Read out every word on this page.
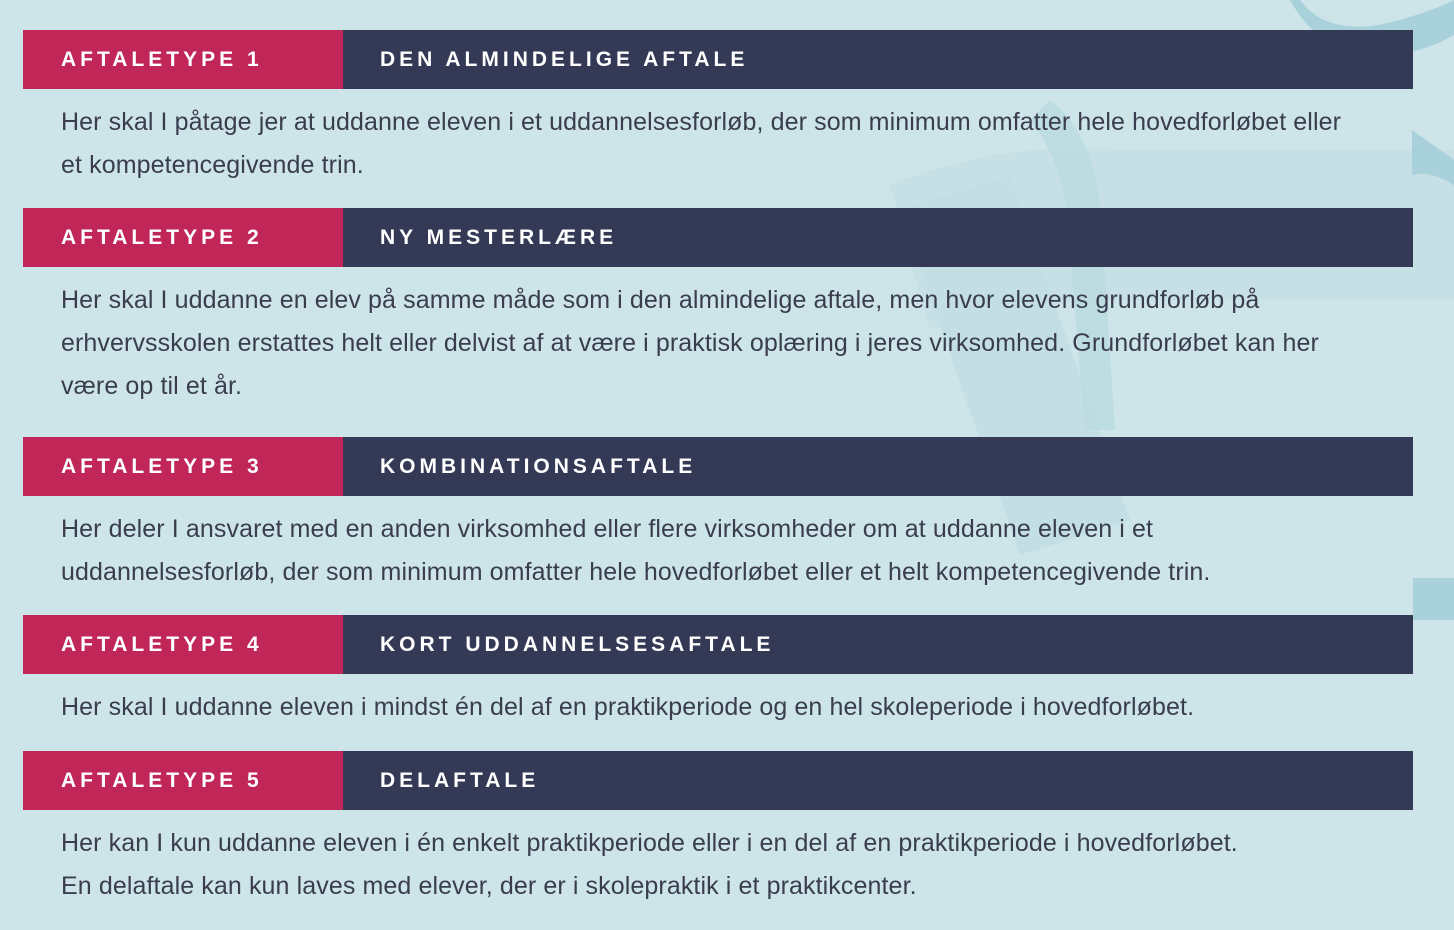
AFTALETYPE 1	DEN ALMINDELIGE AFTALE

Her skal I påtage jer at uddanne eleven i et uddannelsesforløb, der som minimum omfatter hele hovedforløbet eller
et kompetencegivende trin.

AFTALETYPE 2	NY MESTERLÆRE

Her skal I uddanne en elev på samme måde som i den almindelige aftale, men hvor elevens grundforløb på
erhvervsskolen erstattes helt eller delvist af at være i praktisk oplæring i jeres virksomhed. Grundforløbet kan her
være op til et år.

AFTALETYPE 3	KOMBINATIONSAFTALE

Her deler I ansvaret med en anden virksomhed eller flere virksomheder om at uddanne eleven i et
uddannelsesforløb, der som minimum omfatter hele hovedforløbet eller et helt kompetencegivende trin.

AFTALETYPE 4	KORT UDDANNELSESAFTALE

Her skal I uddanne eleven i mindst én del af en praktikperiode og en hel skoleperiode i hovedforløbet.

AFTALETYPE 5	DELAFTALE

Her kan I kun uddanne eleven i én enkelt praktikperiode eller i en del af en praktikperiode i hovedforløbet.
En delaftale kan kun laves med elever, der er i skolepraktik i et praktikcenter.
